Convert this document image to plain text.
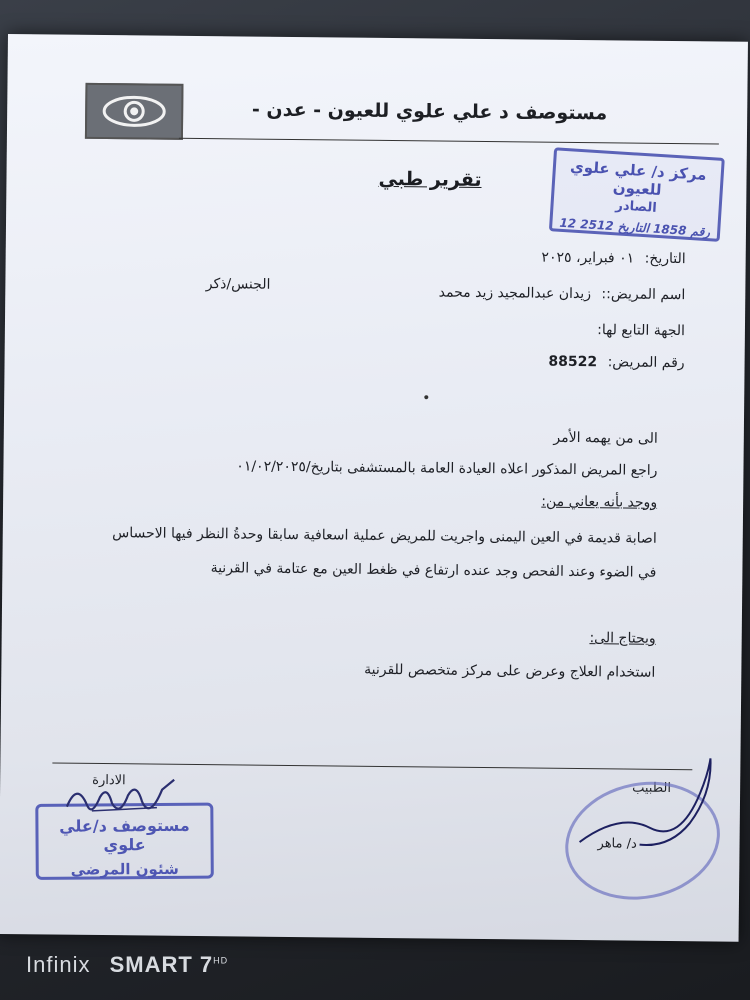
مستوصف د علي علوي للعيون - عدن -
تقرير طبي	مركز د/ علي علوي للعيون
الصادر
رقم 1858 التاريخ 2512 12
التاريخ: ٠١ فبراير، ٢٠٢٥
اسم المريض:: زيدان عبدالمجيد زيد محمد
الجنس/ذكر
الجهة التابع لها:
رقم المريض: 88522
•
الى من يهمه الأمر
راجع المريض المذكور اعلاه العيادة العامة بالمستشفى بتاريخ/٠١/٠٢/٢٠٢٥
ووجد بأنه يعاني من:
اصابة قديمة في العين اليمنى واجريت للمريض عملية اسعافية سابقا وحدةُ النظر فيها الاحساس
في الضوء وعند الفحص وجد عنده ارتفاع في ظغط العين مع عتامة في القرنية
ويحتاج الى:
استخدام العلاج وعرض على مركز متخصص للقرنية
الادارة	الطبيب
مستوصف د/علي علوي
شئون المرضى
د/ ماهر
Infinix SMART $7^{HD}$
